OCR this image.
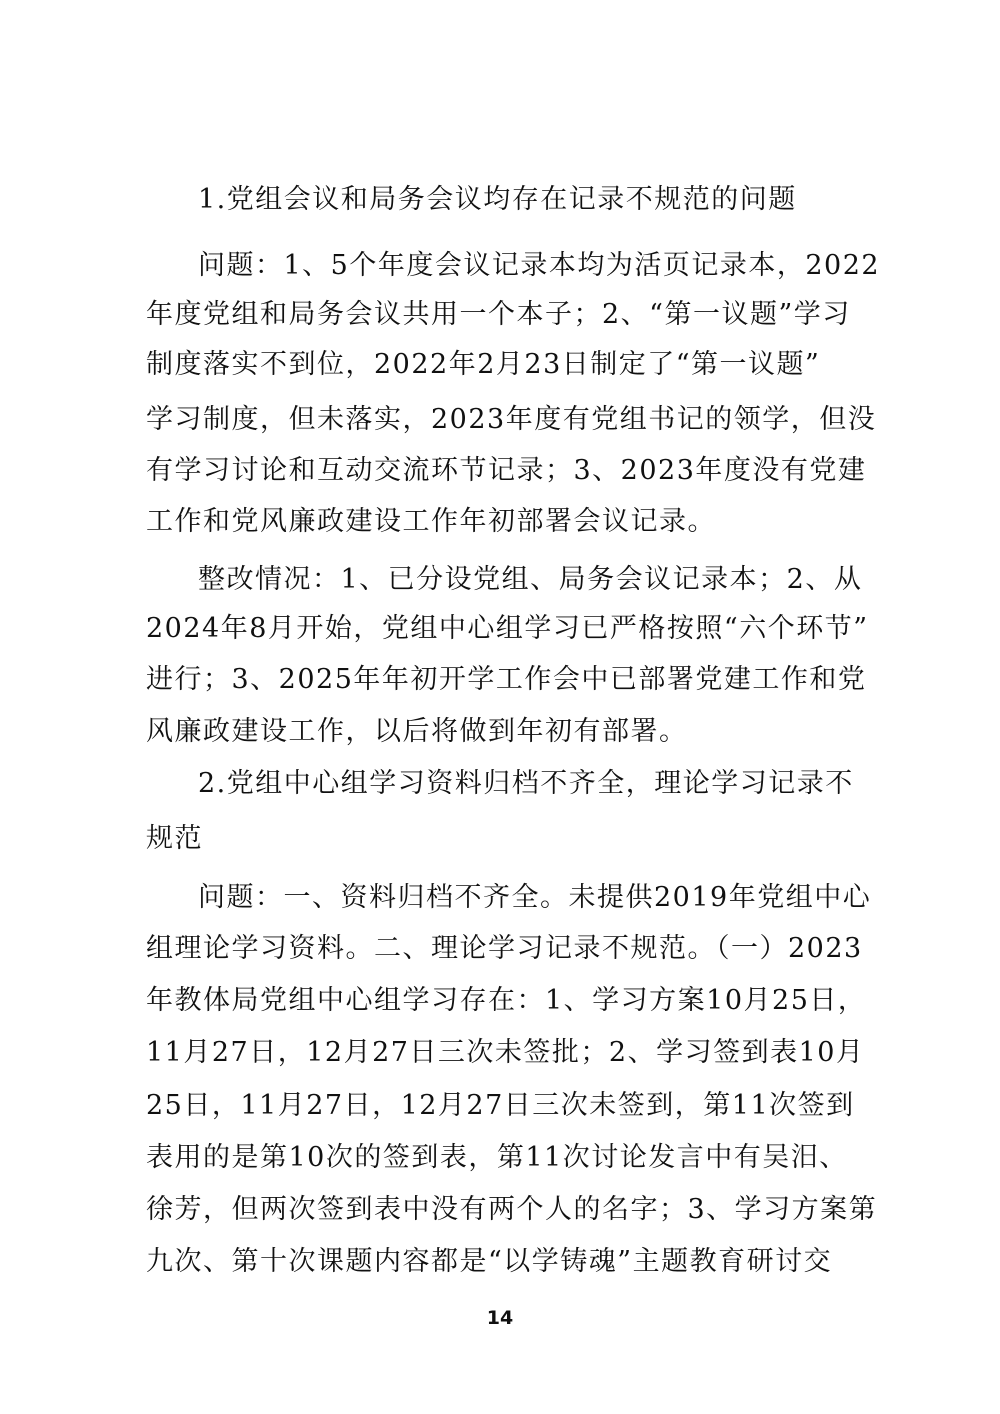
1.党组会议和局务会议均存在记录不规范的问题
问题：1、5个年度会议记录本均为活页记录本，2022
年度党组和局务会议共用一个本子；2、“第一议题”学习
制度落实不到位，2022年2月23日制定了“第一议题”
学习制度，但未落实，2023年度有党组书记的领学，但没
有学习讨论和互动交流环节记录；3、2023年度没有党建
工作和党风廉政建设工作年初部署会议记录。
整改情况：1、已分设党组、局务会议记录本；2、从
2024年8月开始，党组中心组学习已严格按照“六个环节”
进行；3、2025年年初开学工作会中已部署党建工作和党
风廉政建设工作，以后将做到年初有部署。
2.党组中心组学习资料归档不齐全，理论学习记录不
规范
问题：一、资料归档不齐全。未提供2019年党组中心
组理论学习资料。二、理论学习记录不规范。（一）2023
年教体局党组中心组学习存在：1、学习方案10月25日，
11月27日，12月27日三次未签批；2、学习签到表10月
25日，11月27日，12月27日三次未签到，第11次签到
表用的是第10次的签到表，第11次讨论发言中有吴汨、
徐芳，但两次签到表中没有两个人的名字；3、学习方案第
九次、第十次课题内容都是“以学铸魂”主题教育研讨交
14
